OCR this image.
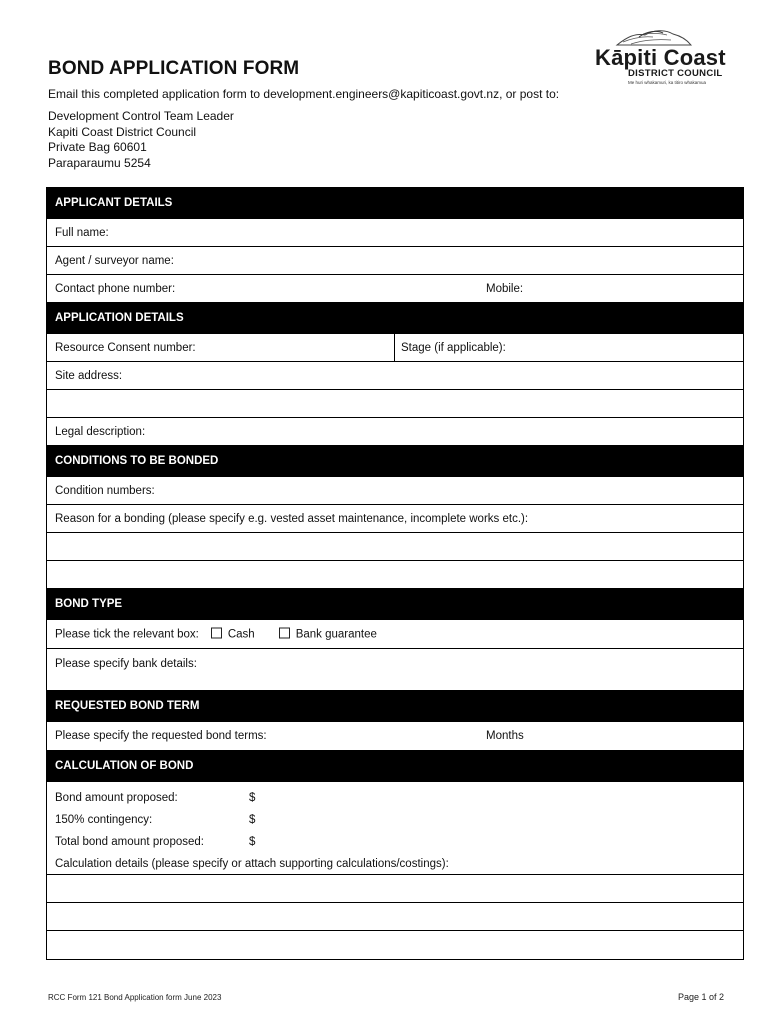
BOND APPLICATION FORM
Email this completed application form to development.engineers@kapiticoast.govt.nz, or post to:
Development Control Team Leader
Kapiti Coast District Council
Private Bag 60601
Paraparaumu 5254
Kāpiti Coast
DISTRICT COUNCIL
Me huri whakamuri, ka titiro whakamua
APPLICANT DETAILS
Full name:
Agent / surveyor name:
Contact phone number:	Mobile:
APPLICATION DETAILS
Resource Consent number:	Stage (if applicable):
Site address:
Legal description:
CONDITIONS TO BE BONDED
Condition numbers:
Reason for a bonding (please specify e.g. vested asset maintenance, incomplete works etc.):
BOND TYPE
Please tick the relevant box:	Cash	Bank guarantee
Please specify bank details:
REQUESTED BOND TERM
Please specify the requested bond terms:	Months
CALCULATION OF BOND
Bond amount proposed:	$
150% contingency:	$
Total bond amount proposed:	$
Calculation details (please specify or attach supporting calculations/costings):
RCC Form 121 Bond Application form June 2023	Page 1 of 2
